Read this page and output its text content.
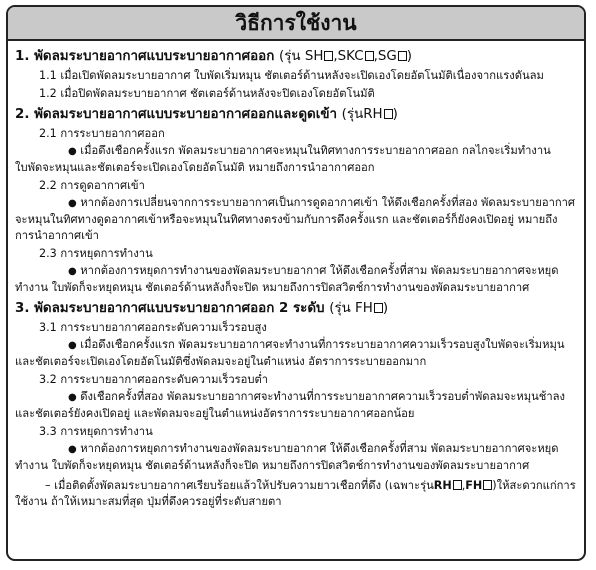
วิธีการใช้งาน
1. พัดลมระบายอากาศแบบระบายอากาศออก (รุ่น SH ,SKC ,SG )
1.1 เมื่อเปิดพัดลมระบายอากาศ ใบพัดเริ่มหมุน ชัตเตอร์ด้านหลังจะเปิดเองโดยอัตโนมัติเนื่องจากแรงดันลม
1.2 เมื่อปิดพัดลมระบายอากาศ ชัตเตอร์ด้านหลังจะปิดเองโดยอัตโนมัติ
2. พัดลมระบายอากาศแบบระบายอากาศออกและดูดเข้า (รุ่นRH )
2.1 การระบายอากาศออก
● เมื่อดึงเชือกครั้งแรก พัดลมระบายอากาศจะหมุนในทิศทางการระบายอากาศออก กลไกจะเริ่มทำงาน ใบพัดจะหมุนและชัตเตอร์จะเปิดเองโดยอัตโนมัติ หมายถึงการนำอากาศออก
2.2 การดูดอากาศเข้า
● หากต้องการเปลี่ยนจากการระบายอากาศเป็นการดูดอากาศเข้า ให้ดึงเชือกครั้งที่สอง พัดลมระบายอากาศจะหมุนในทิศทางดูดอากาศเข้าหรือจะหมุนในทิศทางตรงข้ามกับการดึงครั้งแรก และชัตเตอร์ก็ยังคงเปิดอยู่ หมายถึงการนำอากาศเข้า
2.3 การหยุดการทำงาน
● หากต้องการหยุดการทำงานของพัดลมระบายอากาศ ให้ดึงเชือกครั้งที่สาม พัดลมระบายอากาศจะหยุดทำงาน ใบพัดก็จะหยุดหมุน ชัตเตอร์ด้านหลังก็จะปิด หมายถึงการปิดสวิตช์การทำงานของพัดลมระบายอากาศ
3. พัดลมระบายอากาศแบบระบายอากาศออก 2 ระดับ (รุ่น FH )
3.1 การระบายอากาศออกระดับความเร็วรอบสูง
● เมื่อดึงเชือกครั้งแรก พัดลมระบายอากาศจะทำงานที่การระบายอากาศความเร็วรอบสูงใบพัดจะเริ่มหมุน และชัตเตอร์จะเปิดเองโดยอัตโนมัติซึ่งพัดลมจะอยู่ในตำแหน่ง อัตราการระบายออกมาก
3.2 การระบายอากาศออกระดับความเร็วรอบต่ำ
● ดึงเชือกครั้งที่สอง พัดลมระบายอากาศจะทำงานที่การระบายอากาศความเร็วรอบต่ำพัดลมจะหมุนช้าลง และชัตเตอร์ยังคงเปิดอยู่ และพัดลมจะอยู่ในตำแหน่งอัตราการระบายอากาศออกน้อย
3.3 การหยุดการทำงาน
● หากต้องการหยุดการทำงานของพัดลมระบายอากาศ ให้ดึงเชือกครั้งที่สาม พัดลมระบายอากาศจะหยุดทำงาน ใบพัดก็จะหยุดหมุน ชัตเตอร์ด้านหลังก็จะปิด หมายถึงการปิดสวิตช์การทำงานของพัดลมระบายอากาศ
– เมื่อติดตั้งพัดลมระบายอากาศเรียบร้อยแล้วให้ปรับความยาวเชือกที่ดึง (เฉพาะรุ่นRH ,FH )ให้สะดวกแก่การใช้งาน ถ้าให้เหมาะสมที่สุด ปุ่มที่ดึงควรอยู่ที่ระดับสายตา
